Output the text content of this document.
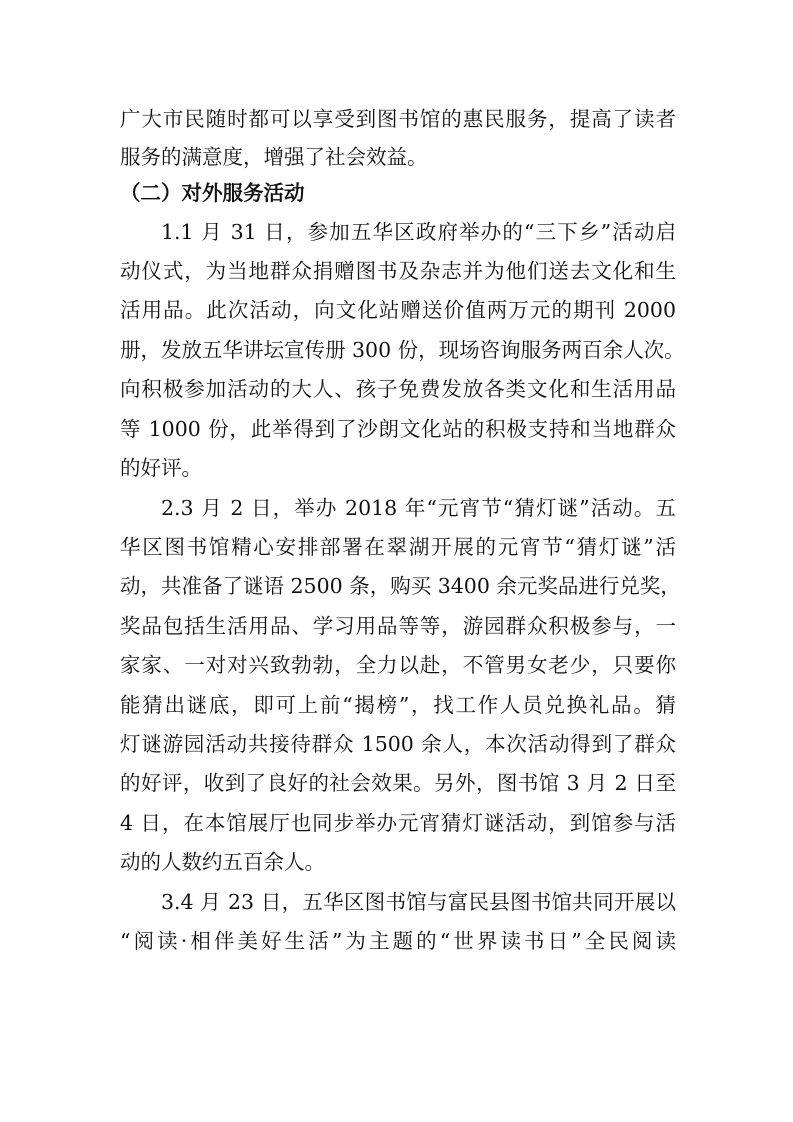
广大市民随时都可以享受到图书馆的惠民服务，提高了读者
服务的满意度，增强了社会效益。
（二）对外服务活动
1.1 月 31 日，参加五华区政府举办的“三下乡”活动启
动仪式，为当地群众捐赠图书及杂志并为他们送去文化和生
活用品。此次活动，向文化站赠送价值两万元的期刊 2000
册，发放五华讲坛宣传册 300 份，现场咨询服务两百余人次。
向积极参加活动的大人、孩子免费发放各类文化和生活用品
等 1000 份，此举得到了沙朗文化站的积极支持和当地群众
的好评。
2.3 月 2 日，举办 2018 年“元宵节“猜灯谜”活动。五
华区图书馆精心安排部署在翠湖开展的元宵节“猜灯谜”活
动，共准备了谜语 2500 条，购买 3400 余元奖品进行兑奖，
奖品包括生活用品、学习用品等等，游园群众积极参与，一
家家、一对对兴致勃勃，全力以赴，不管男女老少，只要你
能猜出谜底，即可上前“揭榜”，找工作人员兑换礼品。猜
灯谜游园活动共接待群众 1500 余人，本次活动得到了群众
的好评，收到了良好的社会效果。另外，图书馆 3 月 2 日至
4 日，在本馆展厅也同步举办元宵猜灯谜活动，到馆参与活
动的人数约五百余人。
3.4 月 23 日，五华区图书馆与富民县图书馆共同开展以
“阅读·相伴美好生活”为主题的“世界读书日”全民阅读
